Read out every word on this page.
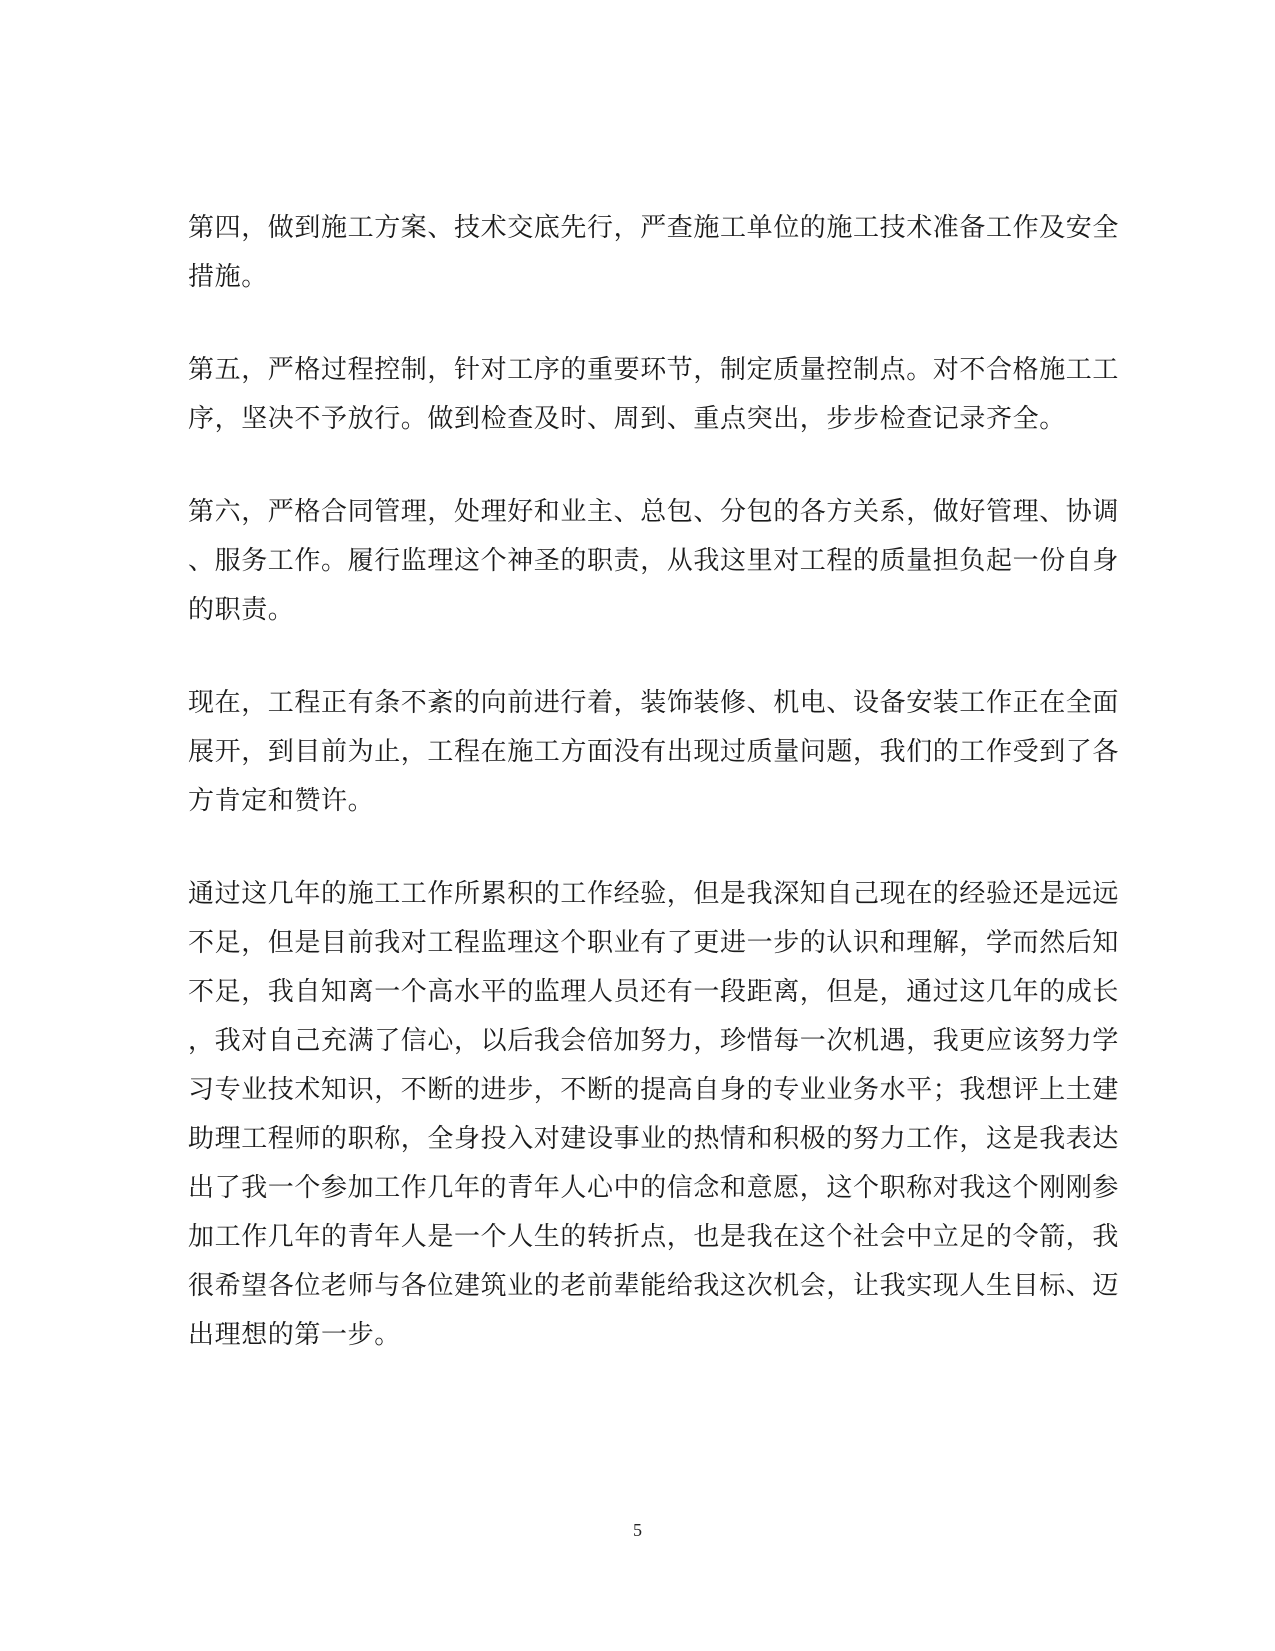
第四，做到施工方案、技术交底先行，严查施工单位的施工技术准备工作及安全
措施。

第五，严格过程控制，针对工序的重要环节，制定质量控制点。对不合格施工工
序，坚决不予放行。做到检查及时、周到、重点突出，步步检查记录齐全。

第六，严格合同管理，处理好和业主、总包、分包的各方关系，做好管理、协调
、服务工作。履行监理这个神圣的职责，从我这里对工程的质量担负起一份自身
的职责。

现在，工程正有条不紊的向前进行着，装饰装修、机电、设备安装工作正在全面
展开，到目前为止，工程在施工方面没有出现过质量问题，我们的工作受到了各
方肯定和赞许。

通过这几年的施工工作所累积的工作经验，但是我深知自己现在的经验还是远远
不足，但是目前我对工程监理这个职业有了更进一步的认识和理解，学而然后知
不足，我自知离一个高水平的监理人员还有一段距离，但是，通过这几年的成长
，我对自己充满了信心，以后我会倍加努力，珍惜每一次机遇，我更应该努力学
习专业技术知识，不断的进步，不断的提高自身的专业业务水平；我想评上土建
助理工程师的职称，全身投入对建设事业的热情和积极的努力工作，这是我表达
出了我一个参加工作几年的青年人心中的信念和意愿，这个职称对我这个刚刚参
加工作几年的青年人是一个人生的转折点，也是我在这个社会中立足的令箭，我
很希望各位老师与各位建筑业的老前辈能给我这次机会，让我实现人生目标、迈
出理想的第一步。

5
